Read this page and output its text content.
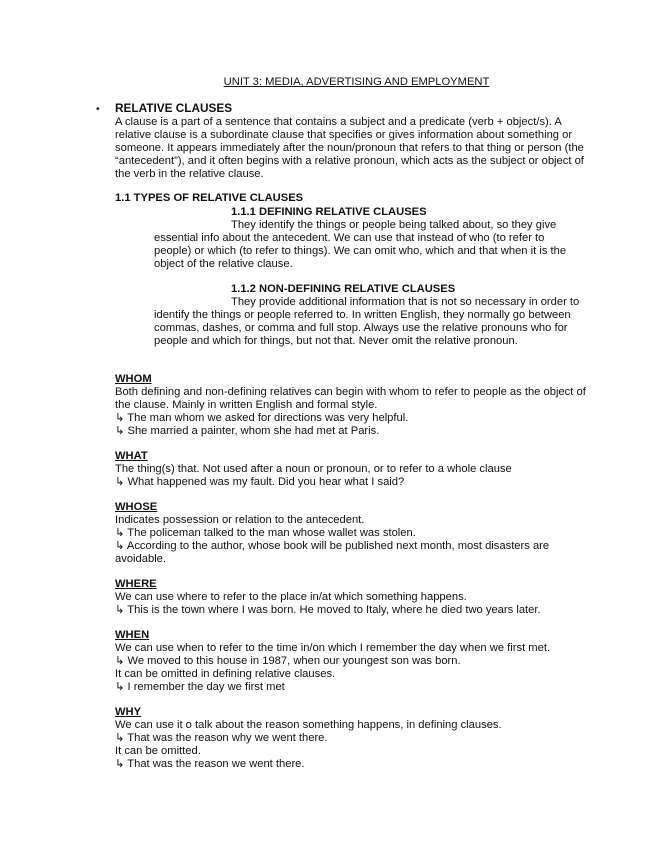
UNIT 3: MEDIA, ADVERTISING AND EMPLOYMENT
• RELATIVE CLAUSES

A clause is a part of a sentence that contains a subject and a predicate (verb + object/s). A relative clause is a subordinate clause that specifies or gives information about something or someone. It appears immediately after the noun/pronoun that refers to that thing or person (the “antecedent”), and it often begins with a relative pronoun, which acts as the subject or object of the verb in the relative clause.

1.1 TYPES OF RELATIVE CLAUSES
1.1.1 DEFINING RELATIVE CLAUSES
They identify the things or people being talked about, so they give essential info about the antecedent. We can use that instead of who (to refer to people) or which (to refer to things). We can omit who, which and that when it is the object of the relative clause.
1.1.2 NON-DEFINING RELATIVE CLAUSES
They provide additional information that is not so necessary in order to identify the things or people referred to. In written English, they normally go between commas, dashes, or comma and full stop. Always use the relative pronouns who for people and which for things, but not that. Never omit the relative pronoun.
WHOM
Both defining and non-defining relatives can begin with whom to refer to people as the object of the clause. Mainly in written English and formal style.
↳ The man whom we asked for directions was very helpful.
↳ She married a painter, whom she had met at Paris.
WHAT
The thing(s) that. Not used after a noun or pronoun, or to refer to a whole clause
↳ What happened was my fault. Did you hear what I said?
WHOSE
Indicates possession or relation to the antecedent.
↳ The policeman talked to the man whose wallet was stolen.
↳ According to the author, whose book will be published next month, most disasters are avoidable.
WHERE
We can use where to refer to the place in/at which something happens.
↳ This is the town where I was born. He moved to Italy, where he died two years later.
WHEN
We can use when to refer to the time in/on which I remember the day when we first met.
↳ We moved to this house in 1987, when our youngest son was born.
It can be omitted in defining relative clauses.
↳ I remember the day we first met
WHY
We can use it o talk about the reason something happens, in defining clauses.
↳ That was the reason why we went there.
It can be omitted.
↳ That was the reason we went there.
